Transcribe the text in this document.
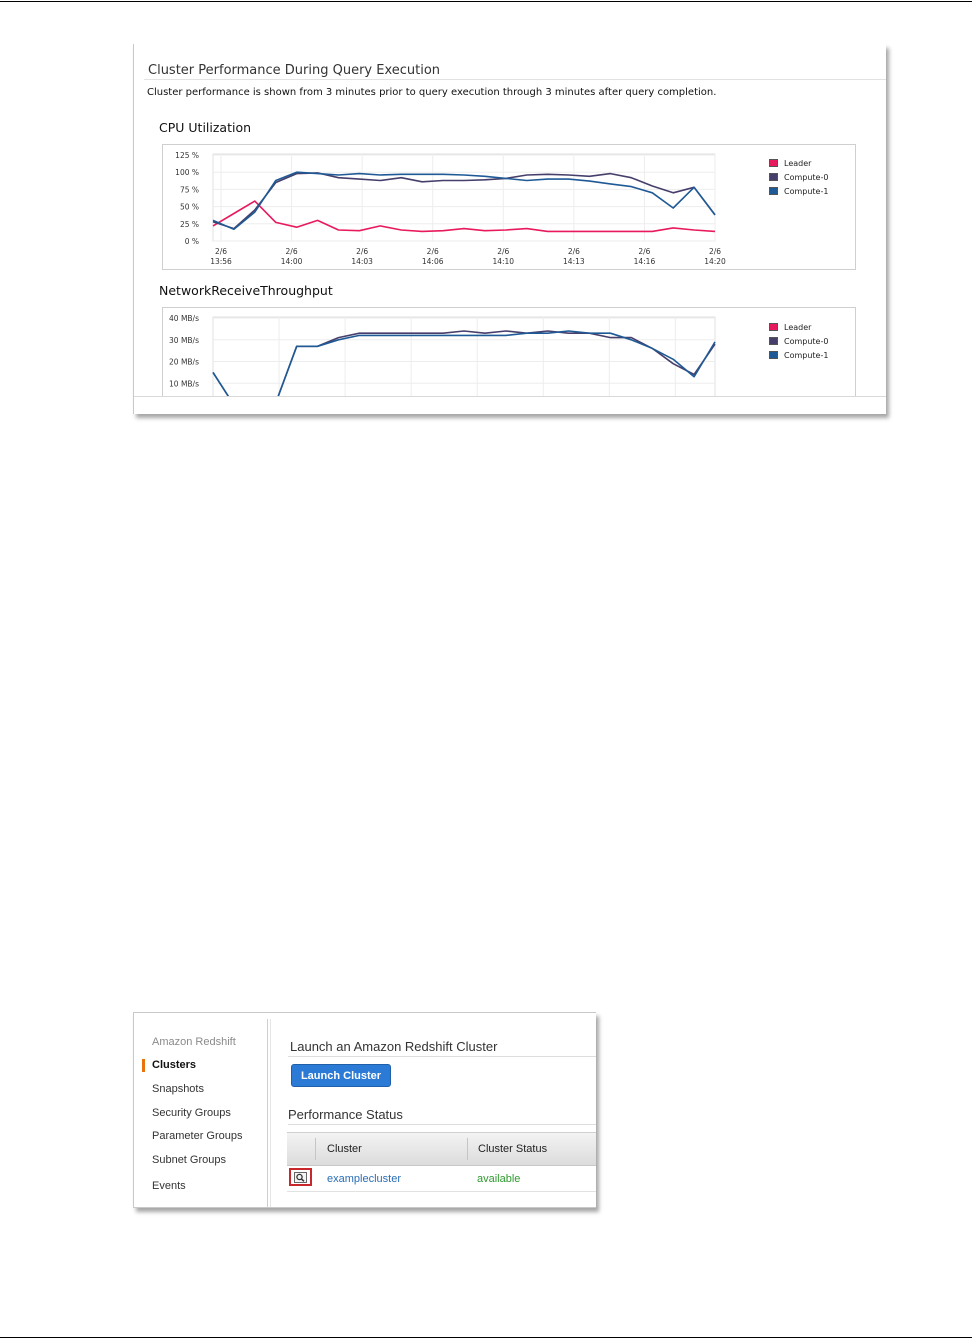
Cluster Performance During Query Execution
Cluster performance is shown from 3 minutes prior to query execution through 3 minutes after query completion.
CPU Utilization
125 %
100 %
75 %
50 %
25 %
0 %
2/6
13:56
2/6
14:00
2/6
14:03
2/6
14:06
2/6
14:10
2/6
14:13
2/6
14:16
2/6
14:20
Leader
Compute-0
Compute-1
NetworkReceiveThroughput
40 MB/s
30 MB/s
20 MB/s
10 MB/s
Leader
Compute-0
Compute-1
Amazon Redshift
Clusters
Snapshots
Security Groups
Parameter Groups
Subnet Groups
Events
Launch an Amazon Redshift Cluster
Launch Cluster
Performance Status
Cluster	Cluster Status
examplecluster	available
